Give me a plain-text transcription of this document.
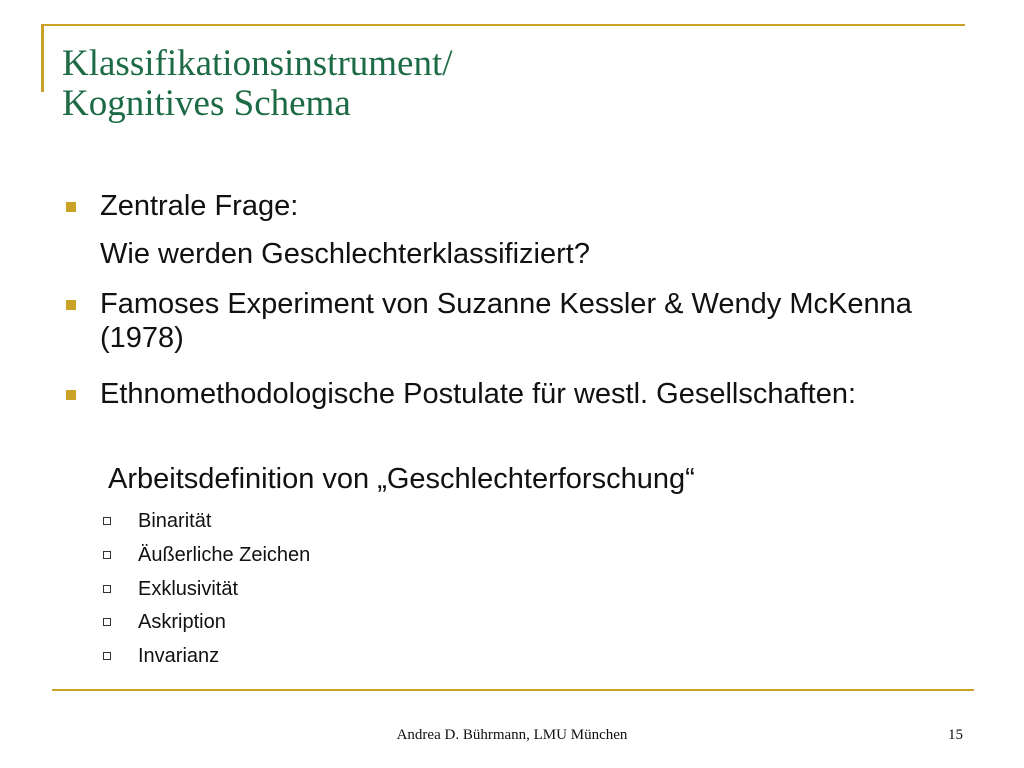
Klassifikationsinstrument/
Kognitives Schema
Zentrale Frage:
Wie werden Geschlechterklassifiziert?
Famoses Experiment von Suzanne Kessler & Wendy McKenna (1978)
Ethnomethodologische Postulate für westl. Gesellschaften:
Arbeitsdefinition von „Geschlechterforschung“
Binarität
Äußerliche Zeichen
Exklusivität
Askription
Invarianz
Andrea D. Bührmann, LMU München	15
